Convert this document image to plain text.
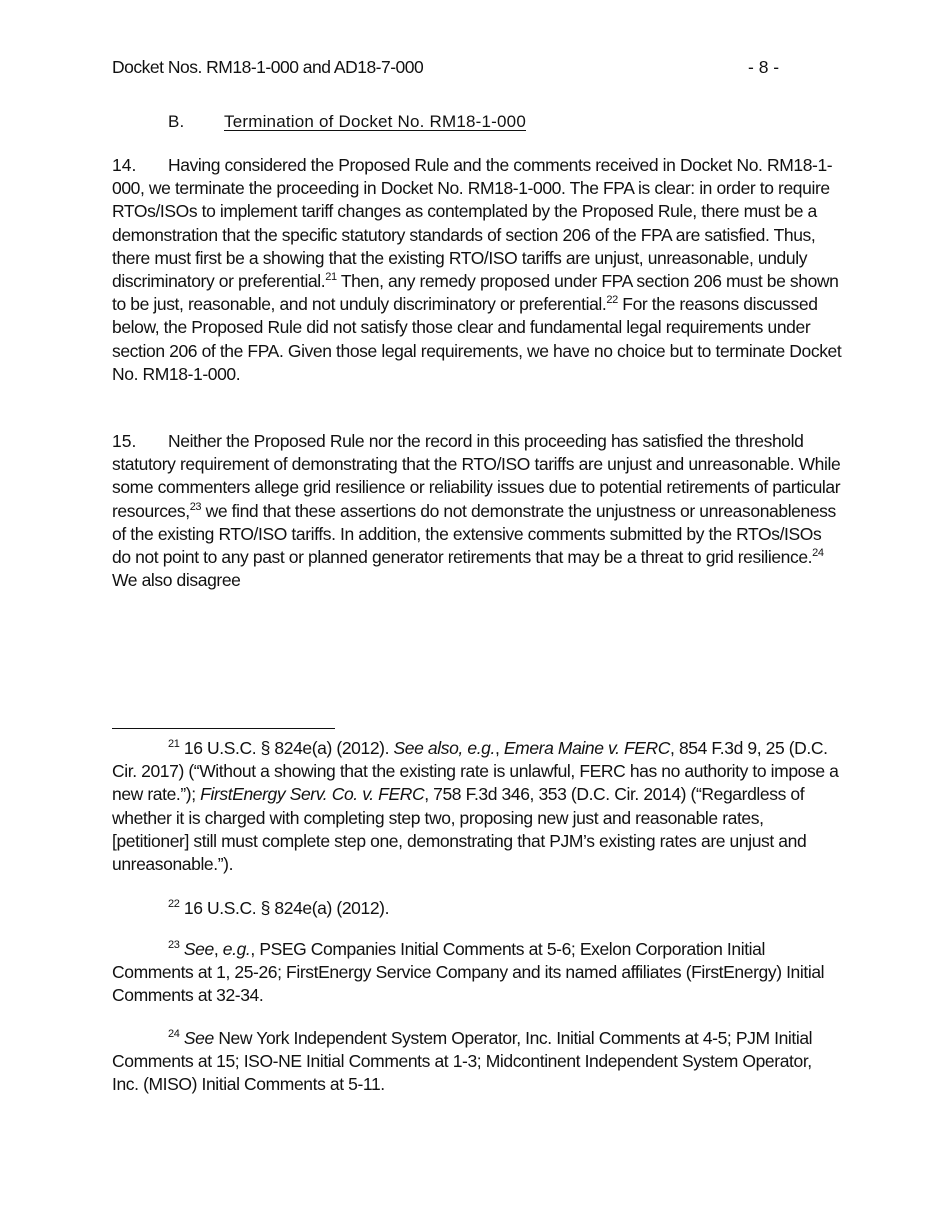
Docket Nos. RM18-1-000 and AD18-7-000	- 8 -
B. Termination of Docket No. RM18-1-000

14. Having considered the Proposed Rule and the comments received in Docket No. RM18-1-000, we terminate the proceeding in Docket No. RM18-1-000. The FPA is clear: in order to require RTOs/ISOs to implement tariff changes as contemplated by the Proposed Rule, there must be a demonstration that the specific statutory standards of section 206 of the FPA are satisfied. Thus, there must first be a showing that the existing RTO/ISO tariffs are unjust, unreasonable, unduly discriminatory or preferential.$^{21}$ Then, any remedy proposed under FPA section 206 must be shown to be just, reasonable, and not unduly discriminatory or preferential.$^{22}$ For the reasons discussed below, the Proposed Rule did not satisfy those clear and fundamental legal requirements under section 206 of the FPA. Given those legal requirements, we have no choice but to terminate Docket No. RM18-1-000.

15. Neither the Proposed Rule nor the record in this proceeding has satisfied the threshold statutory requirement of demonstrating that the RTO/ISO tariffs are unjust and unreasonable. While some commenters allege grid resilience or reliability issues due to potential retirements of particular resources,$^{23}$ we find that these assertions do not demonstrate the unjustness or unreasonableness of the existing RTO/ISO tariffs. In addition, the extensive comments submitted by the RTOs/ISOs do not point to any past or planned generator retirements that may be a threat to grid resilience.$^{24}$ We also disagree

$^{21}$ 16 U.S.C. § 824e(a) (2012). See also, e.g., Emera Maine v. FERC, 854 F.3d 9, 25 (D.C. Cir. 2017) (“Without a showing that the existing rate is unlawful, FERC has no authority to impose a new rate.”); FirstEnergy Serv. Co. v. FERC, 758 F.3d 346, 353 (D.C. Cir. 2014) (“Regardless of whether it is charged with completing step two, proposing new just and reasonable rates, [petitioner] still must complete step one, demonstrating that PJM’s existing rates are unjust and unreasonable.”).

$^{22}$ 16 U.S.C. § 824e(a) (2012).

$^{23}$ See, e.g., PSEG Companies Initial Comments at 5-6; Exelon Corporation Initial Comments at 1, 25-26; FirstEnergy Service Company and its named affiliates (FirstEnergy) Initial Comments at 32-34.

$^{24}$ See New York Independent System Operator, Inc. Initial Comments at 4-5; PJM Initial Comments at 15; ISO-NE Initial Comments at 1-3; Midcontinent Independent System Operator, Inc. (MISO) Initial Comments at 5-11.
